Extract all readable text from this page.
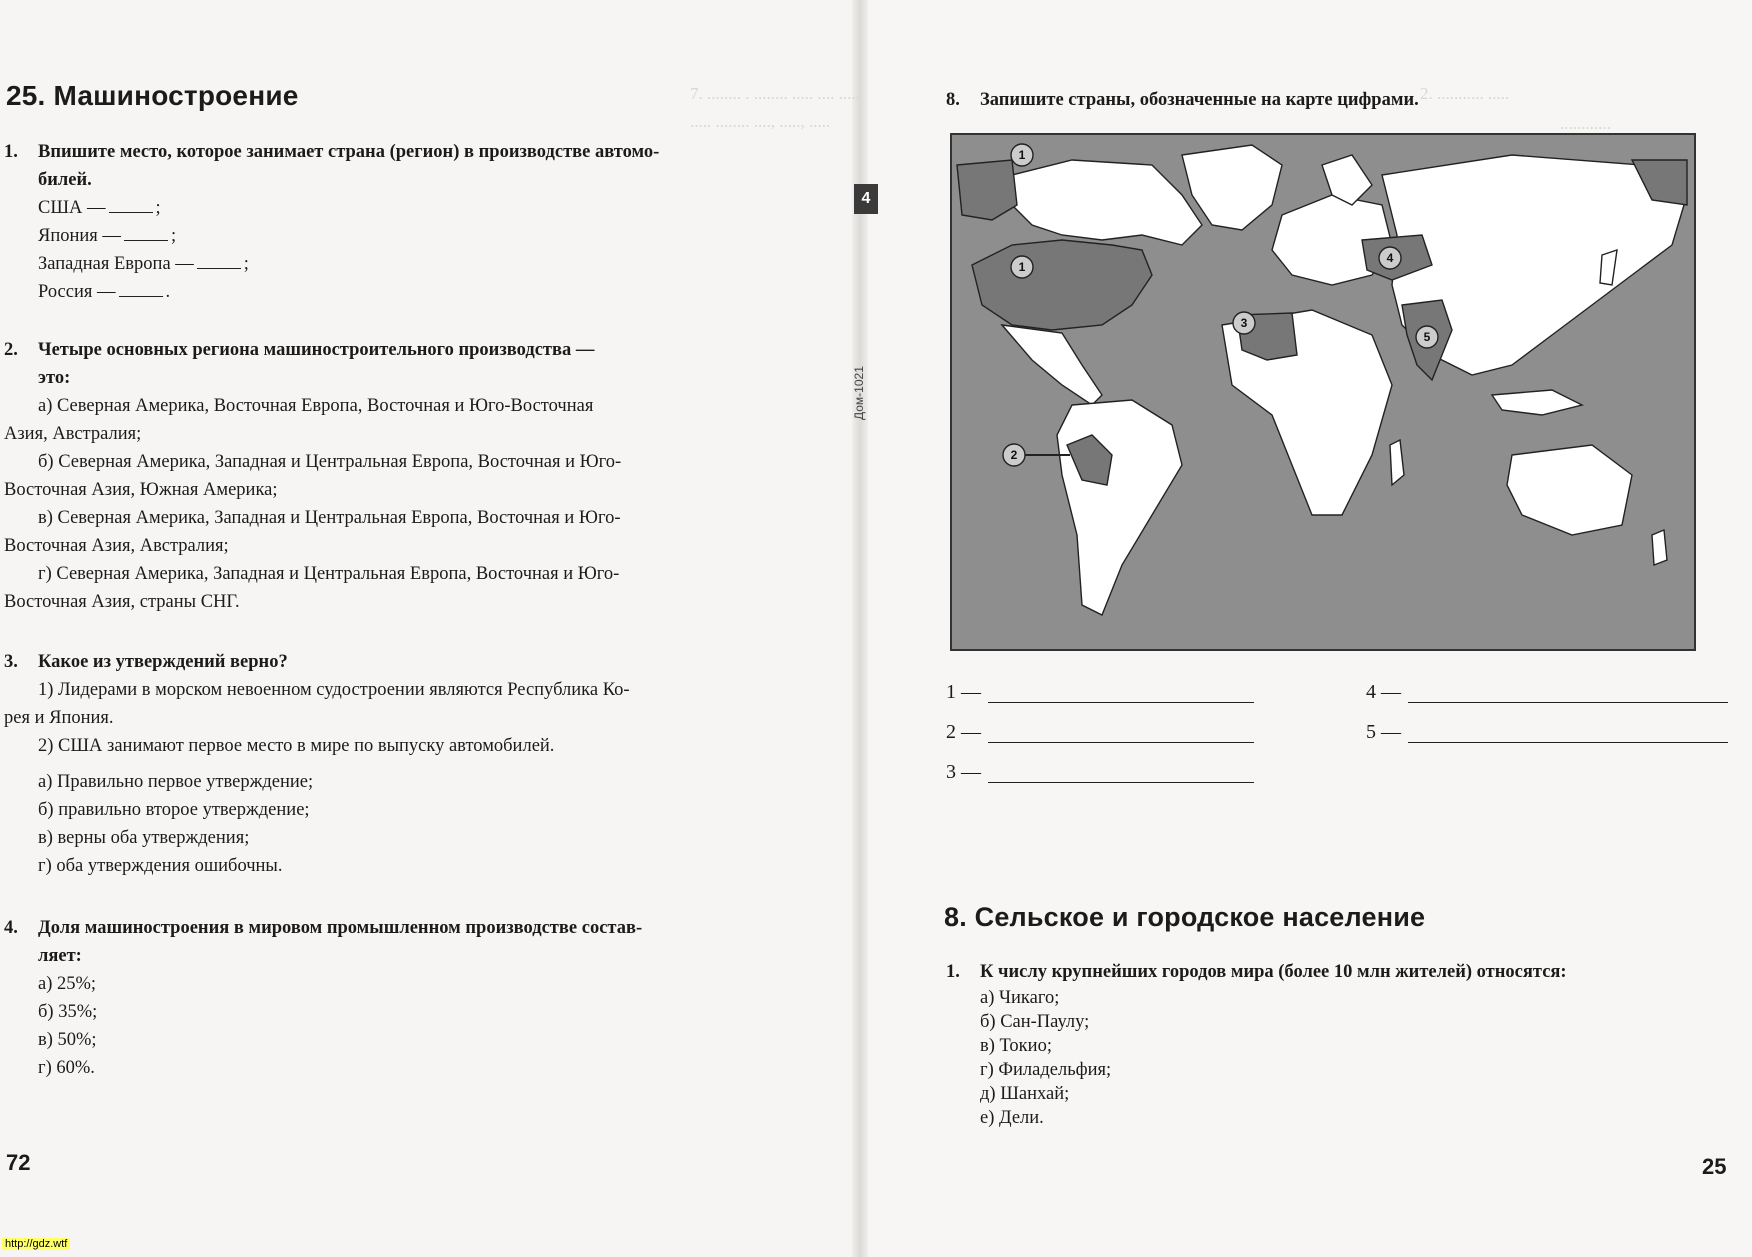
7. ........ . ........ ..... .... .....
..... ........ ...., ....., .....
2. ........... .....
............
25. Машиностроение
1. Впишите место, которое занимает страна (регион) в производстве автомо-
билей.
США —	;
Япония —	;
Западная Европа —	;
Россия —	.
2. Четыре основных региона машиностроительного производства —
это:
а) Северная Америка, Восточная Европа, Восточная и Юго-Восточная
Азия, Австралия;
б) Северная Америка, Западная и Центральная Европа, Восточная и Юго-
Восточная Азия, Южная Америка;
в) Северная Америка, Западная и Центральная Европа, Восточная и Юго-
Восточная Азия, Австралия;
г) Северная Америка, Западная и Центральная Европа, Восточная и Юго-
Восточная Азия, страны СНГ.
3. Какое из утверждений верно?
1) Лидерами в морском невоенном судостроении являются Республика Ко-
рея и Япония.
2) США занимают первое место в мире по выпуску автомобилей.
а) Правильно первое утверждение;
б) правильно второе утверждение;
в) верны оба утверждения;
г) оба утверждения ошибочны.
4. Доля машиностроения в мировом промышленном производстве состав-
ляет:
а) 25%;
б) 35%;
в) 50%;
г) 60%.
72
4
Дом-1021
8. Запишите страны, обозначенные на карте цифрами.
1
1
2
3
4
5
1 —
2 —
3 —
4 —
5 —
8. Сельское и городское население
1. К числу крупнейших городов мира (более 10 млн жителей) относятся:
а) Чикаго;
б) Сан-Паулу;
в) Токио;
г) Филадельфия;
д) Шанхай;
е) Дели.
25
http://gdz.wtf
